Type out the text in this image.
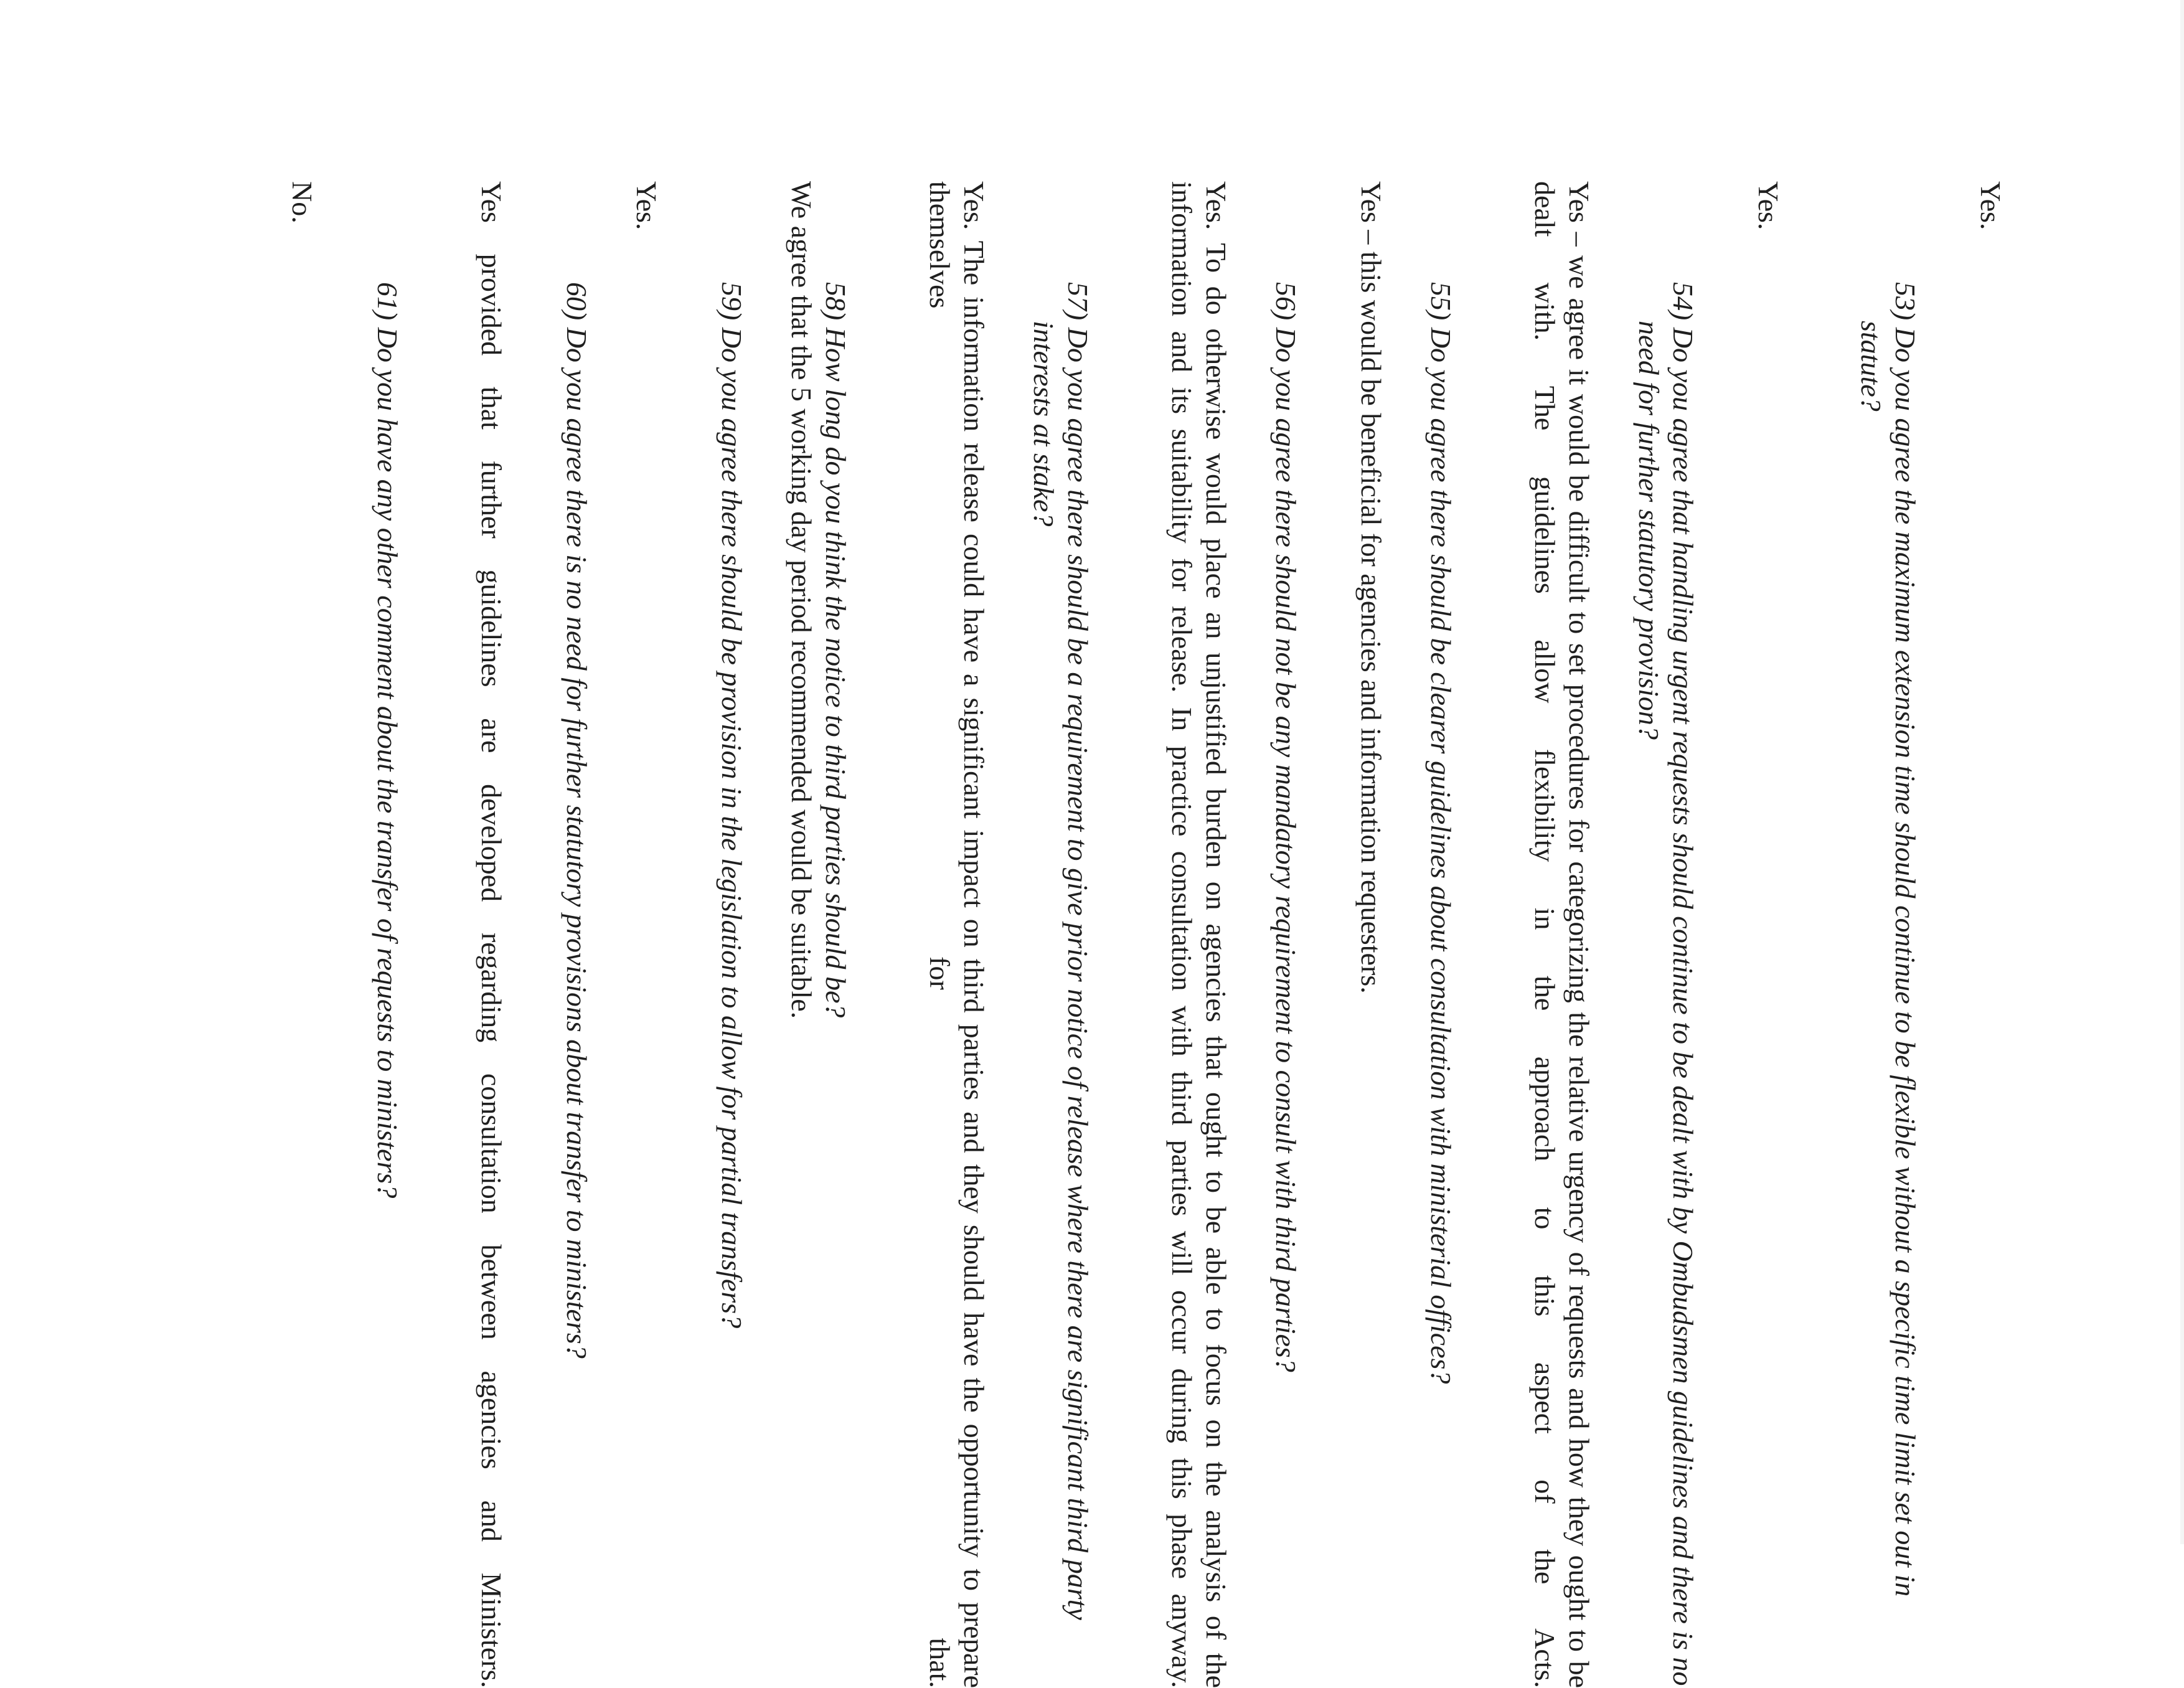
Yes.

53) Do you agree the maximum extension time should continue to be flexible without a specific time limit set out in statute?

Yes.

54) Do you agree that handling urgent requests should continue to be dealt with by Ombudsmen guidelines and there is no need for further statutory provision?

Yes – we agree it would be difficult to set procedures for categorizing the relative urgency of requests and how they ought to be dealt with. The guidelines allow flexibility in the approach to this aspect of the Acts.

55) Do you agree there should be clearer guidelines about consultation with ministerial offices?

Yes – this would be beneficial for agencies and information requesters.

56) Do you agree there should not be any mandatory requirement to consult with third parties?

Yes. To do otherwise would place an unjustified burden on agencies that ought to be able to focus on the analysis of the information and its suitability for release. In practice consultation with third parties will occur during this phase anyway.

57) Do you agree there should be a requirement to give prior notice of release where there are significant third party interests at stake?

Yes. The information release could have a significant impact on third parties and they should have the opportunity to prepare themselves for that.

58) How long do you think the notice to third parties should be?

We agree that the 5 working day period recommended would be suitable.

59) Do you agree there should be provision in the legislation to allow for partial transfers?

Yes.

60) Do you agree there is no need for further statutory provisions about transfer to ministers?

Yes provided that further guidelines are developed regarding consultation between agencies and Ministers.

61) Do you have any other comment about the transfer of requests to ministers?

No.
